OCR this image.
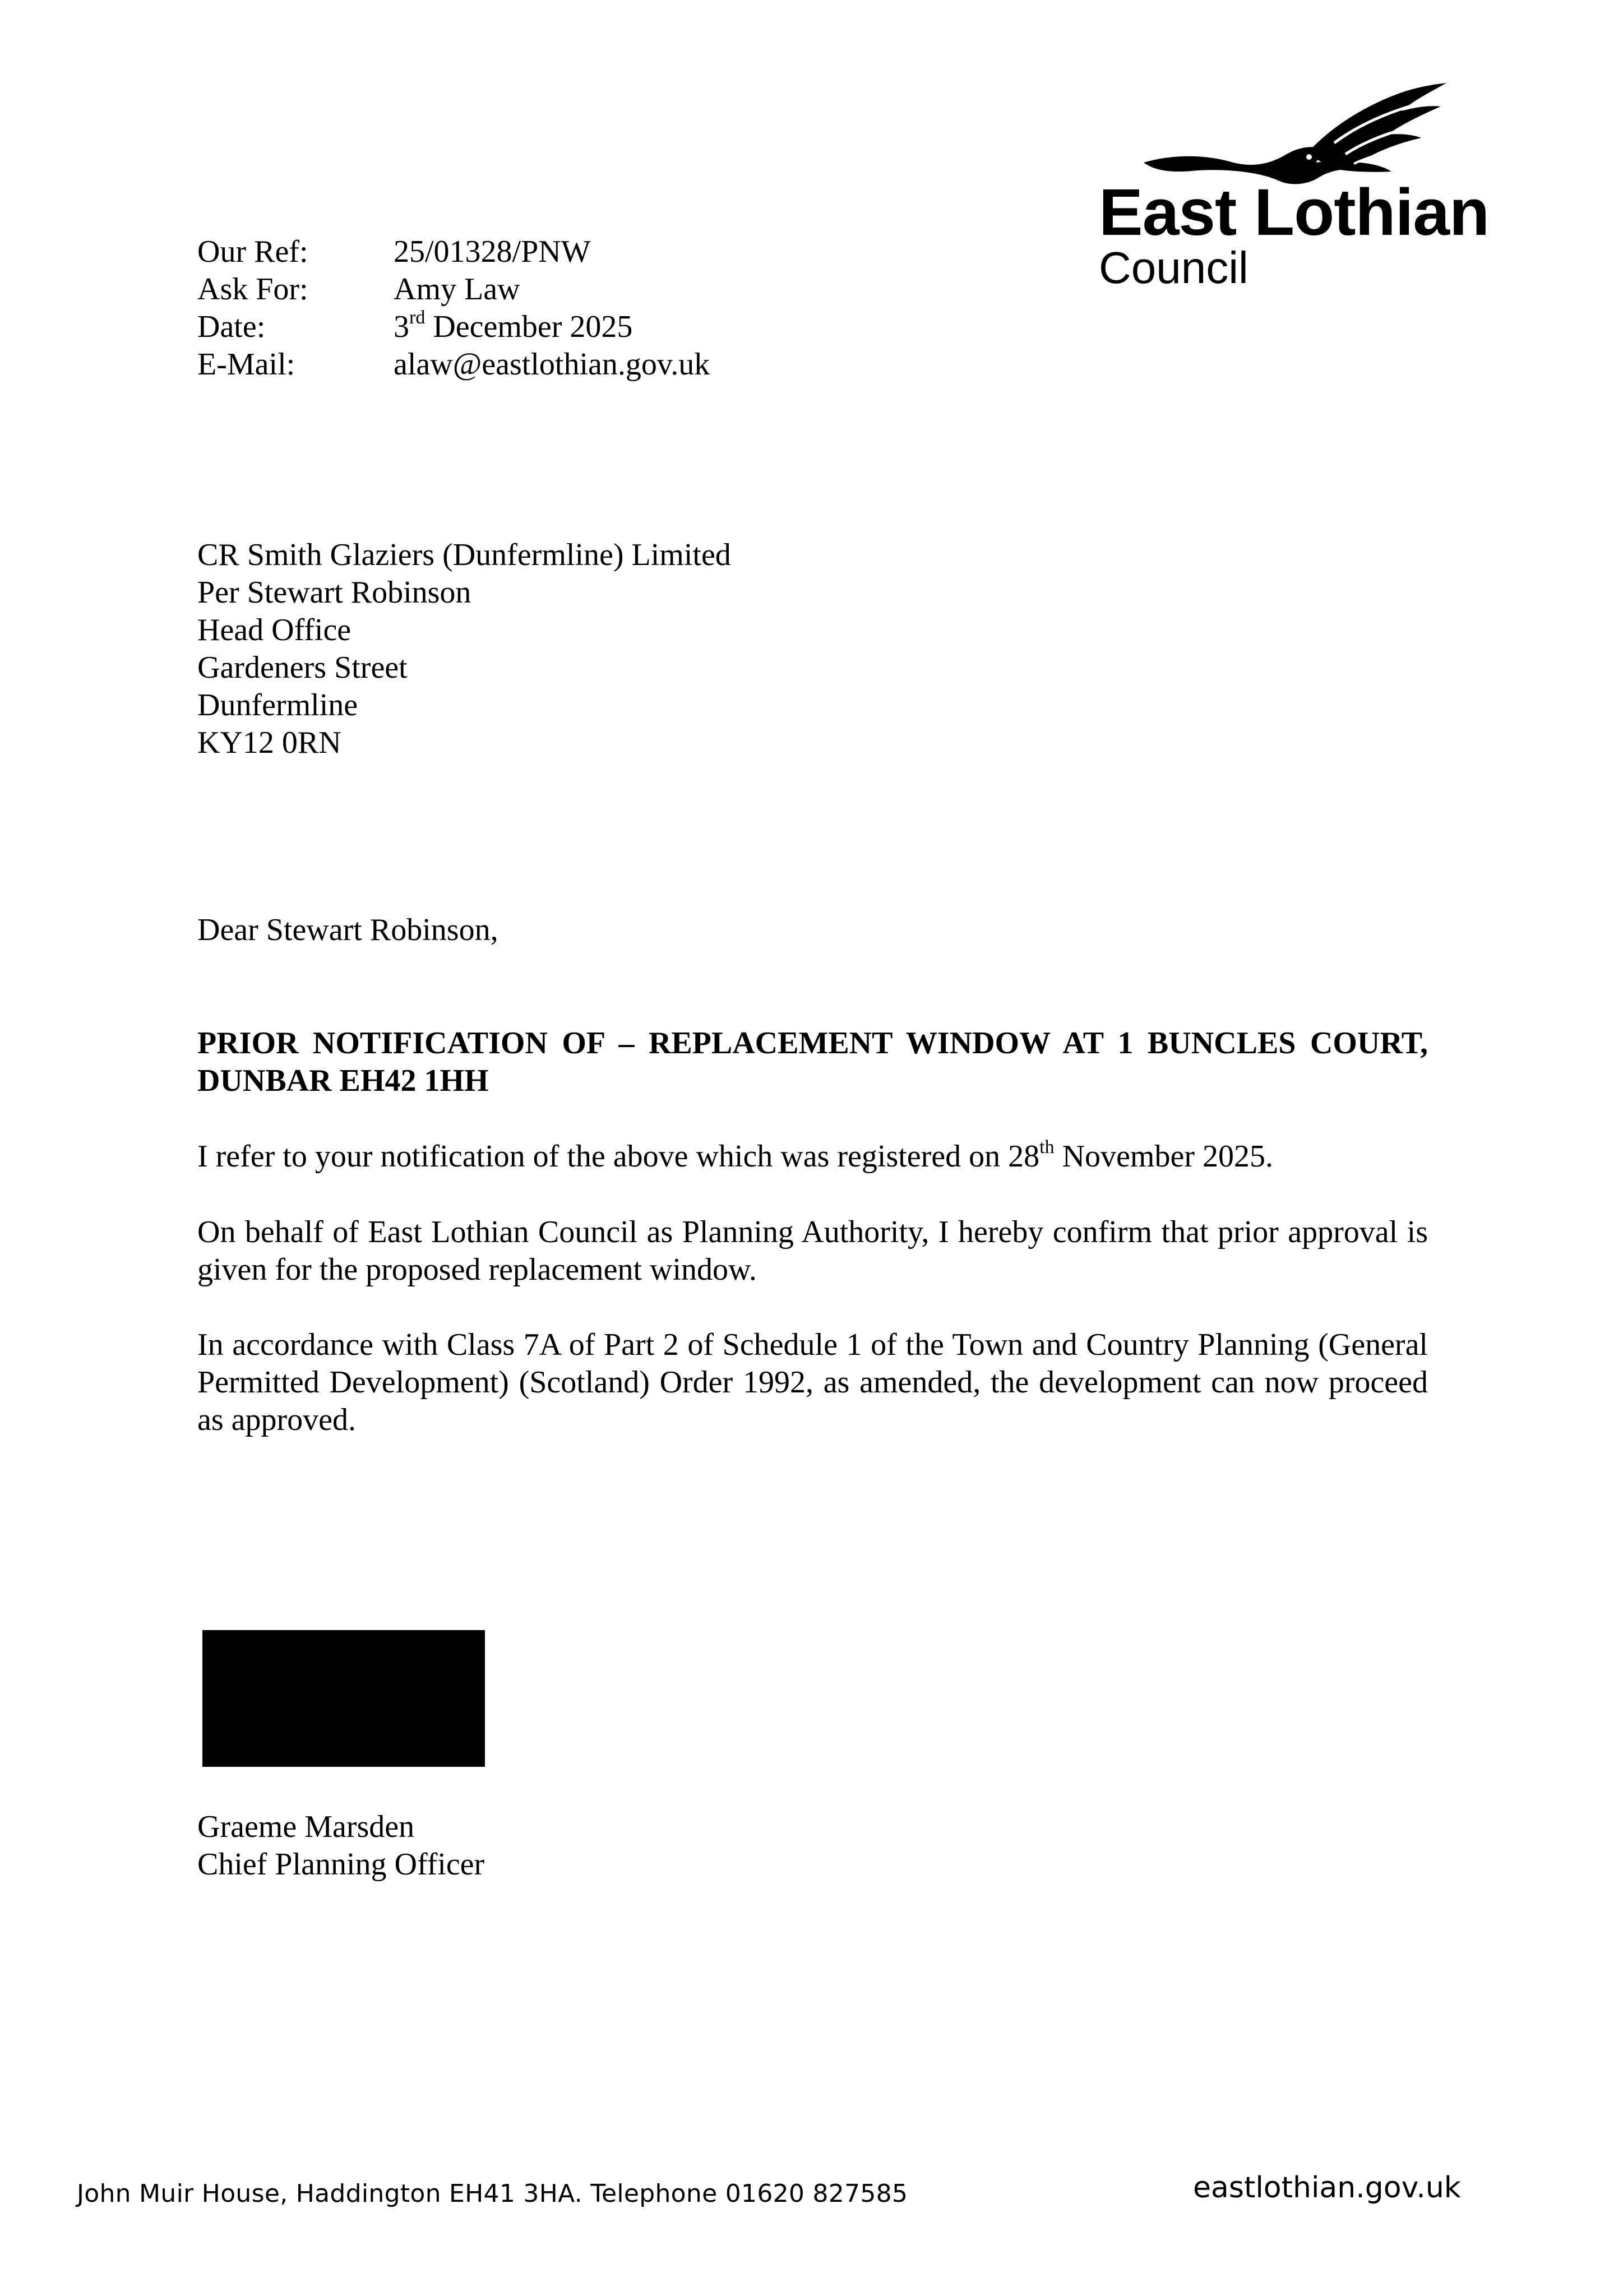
East Lothian
Council
Our Ref:	25/01328/PNW
Ask For:	Amy Law
Date:	3rd December 2025
E-Mail:	alaw@eastlothian.gov.uk
CR Smith Glaziers (Dunfermline) Limited
Per Stewart Robinson
Head Office
Gardeners Street
Dunfermline
KY12 0RN
Dear Stewart Robinson,
PRIOR NOTIFICATION OF – REPLACEMENT WINDOW AT 1 BUNCLES COURT, DUNBAR EH42 1HH
I refer to your notification of the above which was registered on 28th November 2025.

On behalf of East Lothian Council as Planning Authority, I hereby confirm that prior approval is given for the proposed replacement window.

In accordance with Class 7A of Part 2 of Schedule 1 of the Town and Country Planning (General Permitted Development) (Scotland) Order 1992, as amended, the development can now proceed as approved.

Graeme Marsden
Chief Planning Officer
John Muir House, Haddington EH41 3HA. Telephone 01620 827585	eastlothian.gov.uk
